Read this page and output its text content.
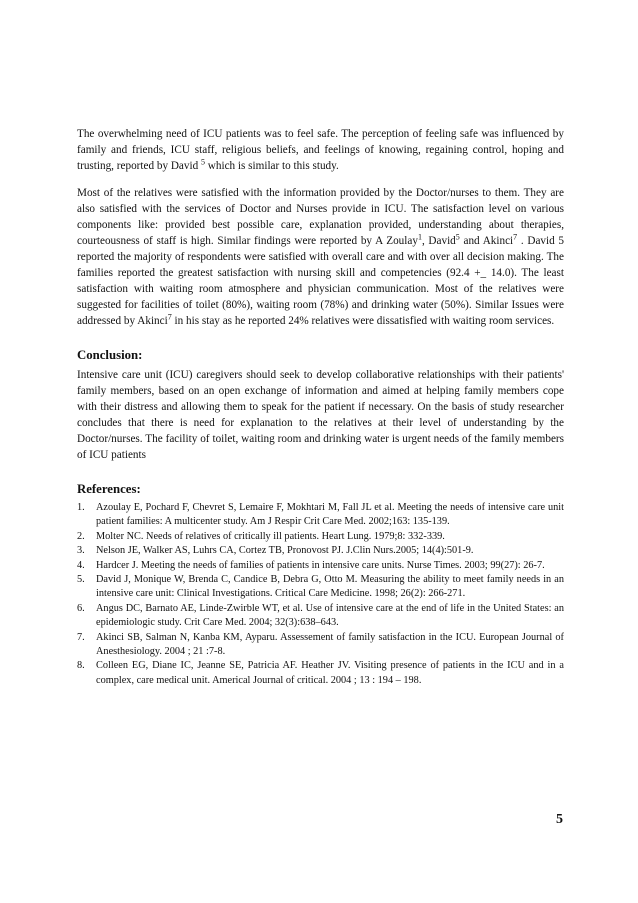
The overwhelming need of ICU patients was to feel safe. The perception of feeling safe was influenced by family and friends, ICU staff, religious beliefs, and feelings of knowing, regaining control, hoping and trusting, reported by David $^5$ which is similar to this study.

Most of the relatives were satisfied with the information provided by the Doctor/nurses to them. They are also satisfied with the services of Doctor and Nurses provide in ICU. The satisfaction level on various components like: provided best possible care, explanation provided, understanding about therapies, courteousness of staff is high. Similar findings were reported by A Zoulay$^1$, David$^5$ and Akinci$^7$ . David 5 reported the majority of respondents were satisfied with overall care and with over all decision making. The families reported the greatest satisfaction with nursing skill and competencies (92.4 +_ 14.0). The least satisfaction with waiting room atmosphere and physician communication. Most of the relatives were suggested for facilities of toilet (80%), waiting room (78%) and drinking water (50%). Similar Issues were addressed by Akinci$^7$ in his stay as he reported 24% relatives were dissatisfied with waiting room services.

Conclusion:

Intensive care unit (ICU) caregivers should seek to develop collaborative relationships with their patients' family members, based on an open exchange of information and aimed at helping family members cope with their distress and allowing them to speak for the patient if necessary. On the basis of study researcher concludes that there is need for explanation to the relatives at their level of understanding by the Doctor/nurses. The facility of toilet, waiting room and drinking water is urgent needs of the family members of ICU patients

References:
1.	Azoulay E, Pochard F, Chevret S, Lemaire F, Mokhtari M, Fall JL et al. Meeting the needs of intensive care unit patient families: A multicenter study. Am J Respir Crit Care Med. 2002;163: 135-139.
2.	Molter NC. Needs of relatives of critically ill patients. Heart Lung. 1979;8: 332-339.
3.	Nelson JE, Walker AS, Luhrs CA, Cortez TB, Pronovost PJ. J.Clin Nurs.2005; 14(4):501-9.
4.	Hardcer J. Meeting the needs of families of patients in intensive care units. Nurse Times. 2003; 99(27): 26-7.
5.	David J, Monique W, Brenda C, Candice B, Debra G, Otto M. Measuring the ability to meet family needs in an intensive care unit: Clinical Investigations. Critical Care Medicine. 1998; 26(2): 266-271.
6.	Angus DC, Barnato AE, Linde-Zwirble WT, et al. Use of intensive care at the end of life in the United States: an epidemiologic study. Crit Care Med. 2004; 32(3):638–643.
7.	Akinci SB, Salman N, Kanba KM, Ayparu. Assessement of family satisfaction in the ICU. European Journal of Anesthesiology. 2004 ; 21 :7-8.
8.	Colleen EG, Diane IC, Jeanne SE, Patricia AF. Heather JV. Visiting presence of patients in the ICU and in a complex, care medical unit. Americal Journal of critical. 2004 ; 13 : 194 – 198.
5
